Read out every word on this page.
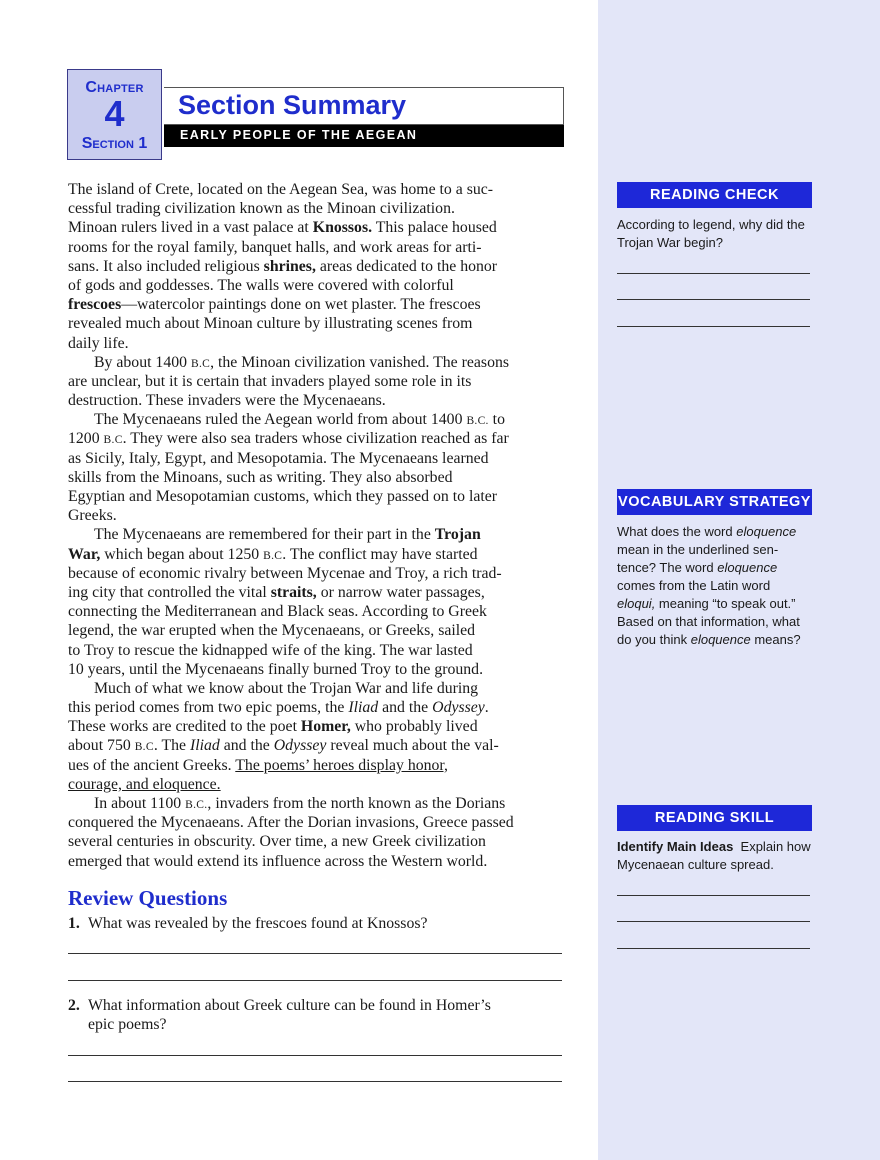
Chapter
4
Section 1
Section Summary
EARLY PEOPLE OF THE AEGEAN
The island of Crete, located on the Aegean Sea, was home to a suc-
cessful trading civilization known as the Minoan civilization.
Minoan rulers lived in a vast palace at Knossos. This palace housed
rooms for the royal family, banquet halls, and work areas for arti-
sans. It also included religious shrines, areas dedicated to the honor
of gods and goddesses. The walls were covered with colorful
frescoes—watercolor paintings done on wet plaster. The frescoes
revealed much about Minoan culture by illustrating scenes from
daily life.
By about 1400 B.C, the Minoan civilization vanished. The reasons
are unclear, but it is certain that invaders played some role in its
destruction. These invaders were the Mycenaeans.
The Mycenaeans ruled the Aegean world from about 1400 B.C. to
1200 B.C. They were also sea traders whose civilization reached as far
as Sicily, Italy, Egypt, and Mesopotamia. The Mycenaeans learned
skills from the Minoans, such as writing. They also absorbed
Egyptian and Mesopotamian customs, which they passed on to later
Greeks.
The Mycenaeans are remembered for their part in the Trojan
War, which began about 1250 B.C. The conflict may have started
because of economic rivalry between Mycenae and Troy, a rich trad-
ing city that controlled the vital straits, or narrow water passages,
connecting the Mediterranean and Black seas. According to Greek
legend, the war erupted when the Mycenaeans, or Greeks, sailed
to Troy to rescue the kidnapped wife of the king. The war lasted
10 years, until the Mycenaeans finally burned Troy to the ground.
Much of what we know about the Trojan War and life during
this period comes from two epic poems, the Iliad and the Odyssey.
These works are credited to the poet Homer, who probably lived
about 750 B.C. The Iliad and the Odyssey reveal much about the val-
ues of the ancient Greeks. The poems’ heroes display honor,
courage, and eloquence.
In about 1100 B.C., invaders from the north known as the Dorians
conquered the Mycenaeans. After the Dorian invasions, Greece passed
several centuries in obscurity. Over time, a new Greek civilization
emerged that would extend its influence across the Western world.
Review Questions
1. What was revealed by the frescoes found at Knossos?
2. What information about Greek culture can be found in Homer’s
epic poems?
READING CHECK
According to legend, why did the
Trojan War begin?
VOCABULARY STRATEGY
What does the word eloquence
mean in the underlined sen-
tence? The word eloquence
comes from the Latin word
eloqui, meaning “to speak out.”
Based on that information, what
do you think eloquence means?
READING SKILL
Identify Main Ideas  Explain how
Mycenaean culture spread.
